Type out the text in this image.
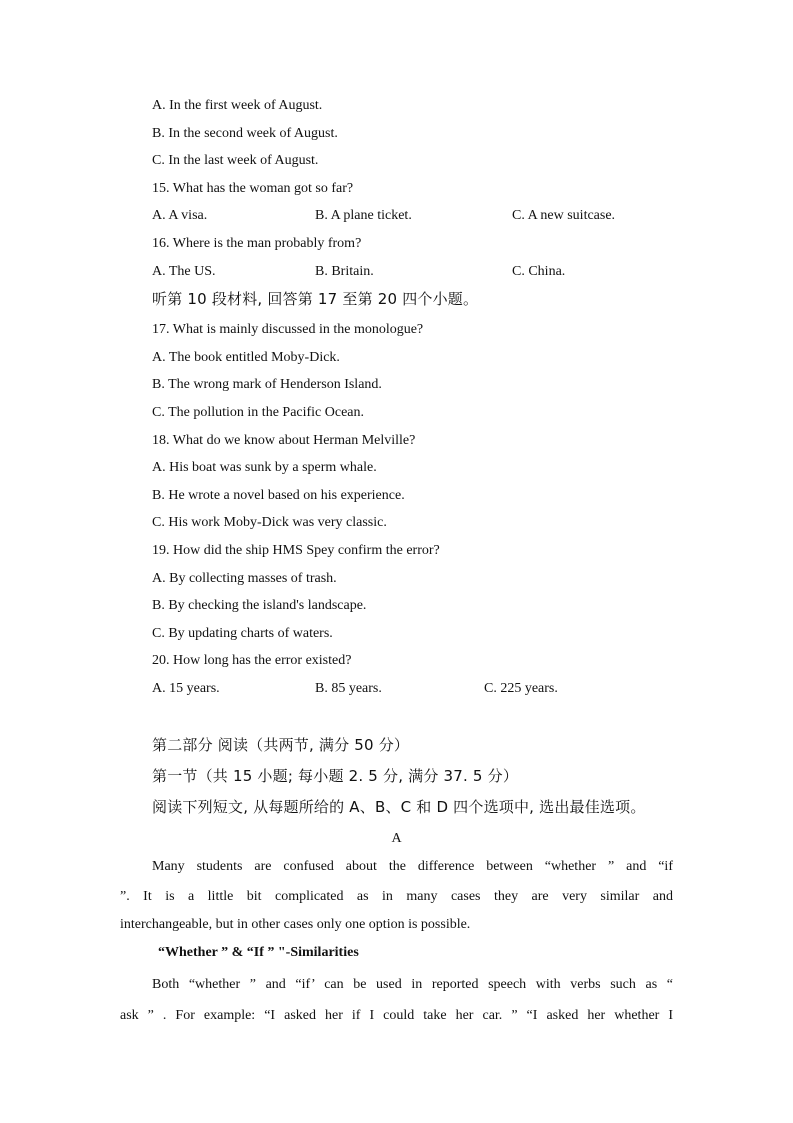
A. In the first week of August.
B. In the second week of August.
C. In the last week of August.
15. What has the woman got so far?
A. A visa.	B. A plane ticket.	C. A new suitcase.
16. Where is the man probably from?
A. The US.	B. Britain.	C. China.
听第 10 段材料, 回答第 17 至第 20 四个小题。
17. What is mainly discussed in the monologue?
A. The book entitled Moby-Dick.
B. The wrong mark of Henderson Island.
C. The pollution in the Pacific Ocean.
18. What do we know about Herman Melville?
A. His boat was sunk by a sperm whale.
B. He wrote a novel based on his experience.
C. His work Moby-Dick was very classic.
19. How did the ship HMS Spey confirm the error?
A. By collecting masses of trash.
B. By checking the island's landscape.
C. By updating charts of waters.
20. How long has the error existed?
A. 15 years.	B. 85 years.	C. 225 years.
第二部分 阅读（共两节, 满分 50 分）
第一节（共 15 小题; 每小题 2. 5 分, 满分 37. 5 分）
阅读下列短文, 从每题所给的 A、B、C 和 D 四个选项中, 选出最佳选项。
A
Many students are confused about the difference between “whether ” and “if
”. It is a little bit complicated as in many cases they are very similar and
interchangeable, but in other cases only one option is possible.
“Whether ” & “If ” "-Similarities
Both “whether ” and “if’ can be used in reported speech with verbs such as “
ask ” . For example: “I asked her if I could take her car. ” “I asked her whether I
